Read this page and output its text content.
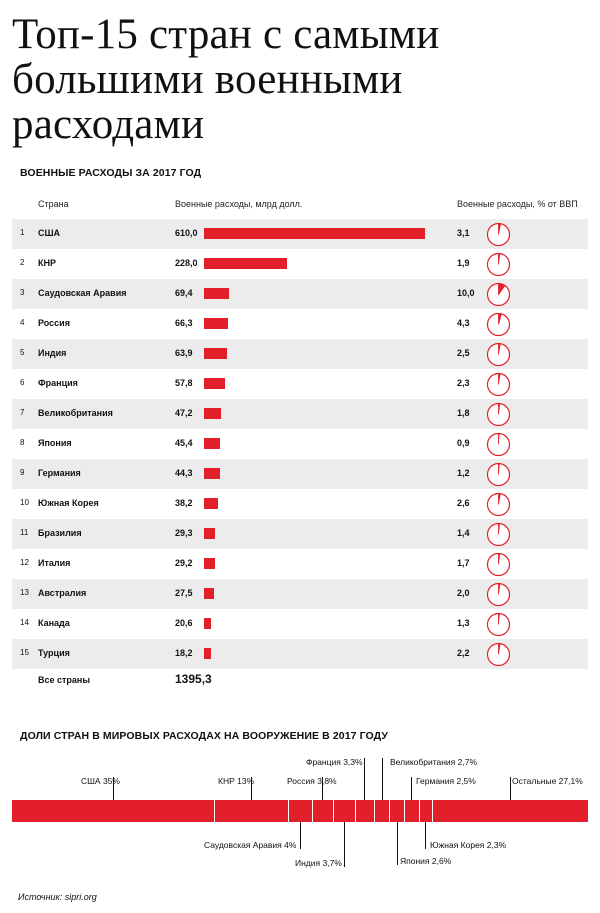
Топ-15 стран с самыми большими военными расходами
ВОЕННЫЕ РАСХОДЫ ЗА 2017 ГОД
Страна	Военные расходы, млрд долл.	Военные расходы, % от ВВП
1 США	610,0	3,1
2 КНР	228,0	1,9
3 Саудовская Аравия	69,4	10,0
4 Россия	66,3	4,3
5 Индия	63,9	2,5
6 Франция	57,8	2,3
7 Великобритания	47,2	1,8
8 Япония	45,4	0,9
9 Германия	44,3	1,2
10 Южная Корея	38,2	2,6
11 Бразилия	29,3	1,4
12 Италия	29,2	1,7
13 Австралия	27,5	2,0
14 Канада	20,6	1,3
15 Турция	18,2	2,2
Все страны	1395,3
ДОЛИ СТРАН В МИРОВЫХ РАСХОДАХ НА ВООРУЖЕНИЕ В 2017 ГОДУ
США 35%	КНР 13%
Саудовская Аравия 4%
Россия 3,8%
Индия 3,7%
Франция 3,3%	Великобритания 2,7%
Япония 2,6%
Германия 2,5%
Южная Корея 2,3%
Остальные 27,1%
Источник: sipri.org
